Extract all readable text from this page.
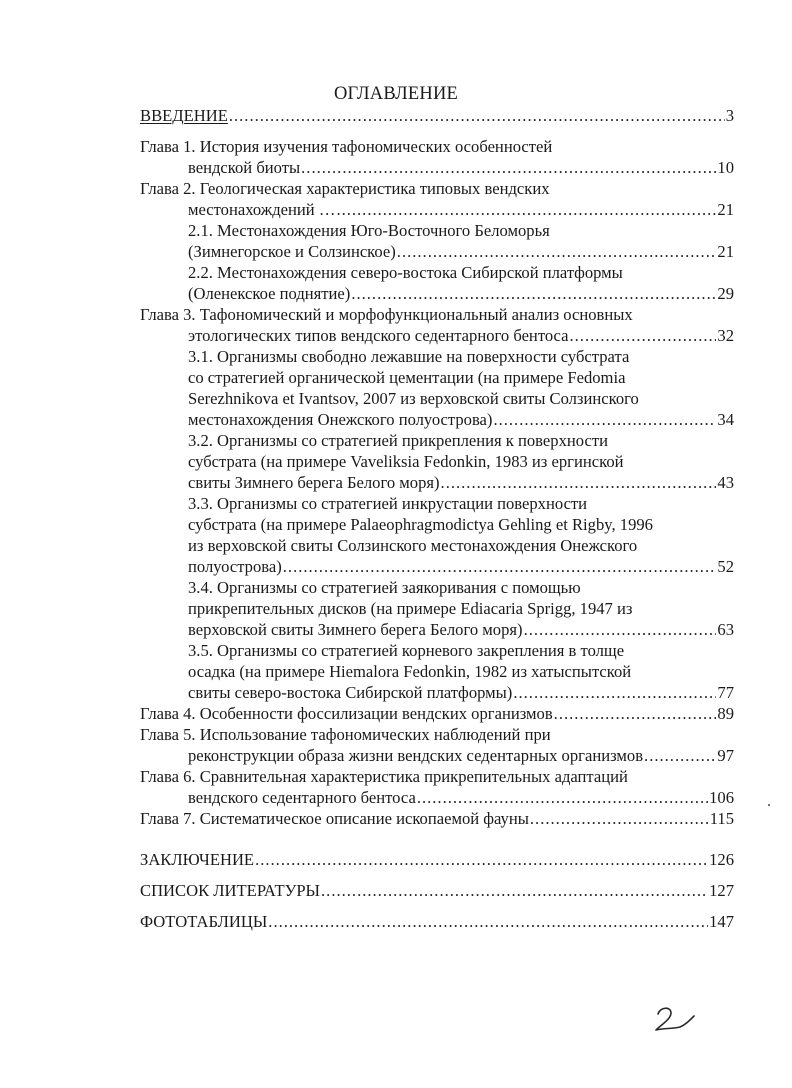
ОГЛАВЛЕНИЕ
ВВЕДЕНИЕ .....	3
Глава 1. История изучения тафономических особенностей
вендской биоты .....	10
Глава 2. Геологическая характеристика типовых вендских
местонахождений … .....	21
2.1. Местонахождения Юго-Восточного Беломорья
(Зимнегорское и Солзинское) .....	21
2.2. Местонахождения северо-востока Сибирской платформы
(Оленекское поднятие) .....	29
Глава 3. Тафономический и морфофункциональный анализ основных
этологических типов вендского седентарного бентоса .....	32
3.1. Организмы свободно лежавшие на поверхности субстрата
со стратегией органической цементации (на примере Fedomia
Serezhnikova et Ivantsov, 2007 из верховской свиты Солзинского
местонахождения Онежского полуострова) .....	34
3.2. Организмы со стратегией прикрепления к поверхности
субстрата (на примере Vaveliksia Fedonkin, 1983 из ергинской
свиты Зимнего берега Белого моря) .....	43
3.3. Организмы со стратегией инкрустации поверхности
субстрата (на примере Palaeophragmodictya Gehling et Rigby, 1996
из верховской свиты Солзинского местонахождения Онежского
полуострова) .....	52
3.4. Организмы со стратегией заякоривания с помощью
прикрепительных дисков (на примере Ediacaria Sprigg, 1947 из
верховской свиты Зимнего берега Белого моря) .....	63
3.5. Организмы со стратегией корневого закрепления в толще
осадка (на примере Hiemalora Fedonkin, 1982 из хатыспытской
свиты северо-востока Сибирской платформы) .....	77
Глава 4. Особенности фоссилизации вендских организмов .....	89
Глава 5. Использование тафономических наблюдений при
реконструкции образа жизни вендских седентарных организмов .....	97
Глава 6. Сравнительная характеристика прикрепительных адаптаций
вендского седентарного бентоса .....	106
Глава 7. Систематическое описание ископаемой фауны .....	115
ЗАКЛЮЧЕНИЕ .....	126
СПИСОК ЛИТЕРАТУРЫ .....	127
ФОТОТАБЛИЦЫ .....	147
